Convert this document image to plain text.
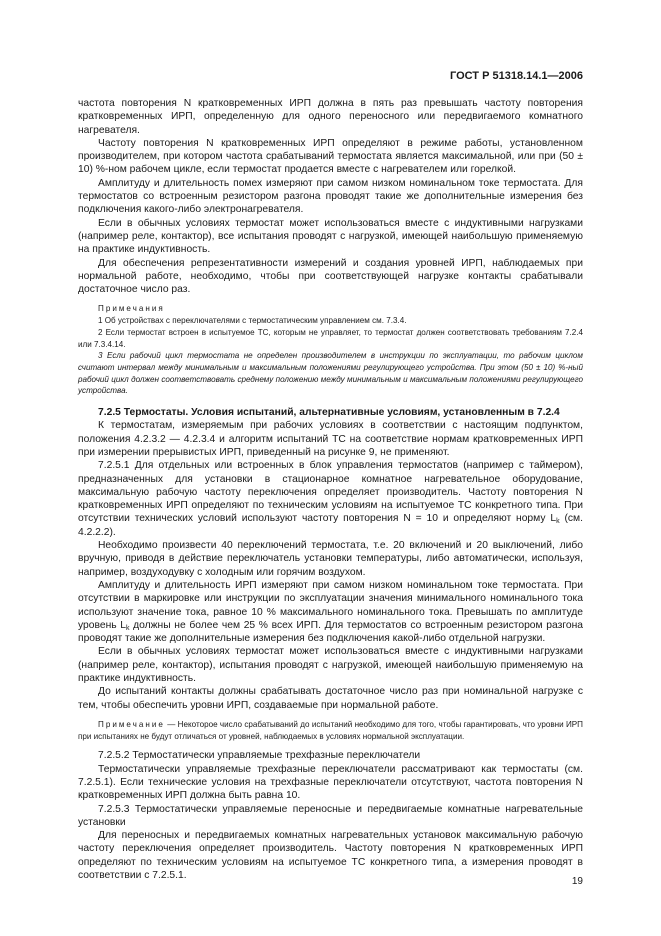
ГОСТ Р 51318.14.1—2006

частота повторения N кратковременных ИРП должна в пять раз превышать частоту повторения кратковременных ИРП, определенную для одного переносного или передвигаемого комнатного нагревателя.

Частоту повторения N кратковременных ИРП определяют в режиме работы, установленном производителем, при котором частота срабатываний термостата является максимальной, или при (50 ± 10) %-ном рабочем цикле, если термостат продается вместе с нагревателем или горелкой.

Амплитуду и длительность помех измеряют при самом низком номинальном токе термостата. Для термостатов со встроенным резистором разгона проводят такие же дополнительные измерения без подключения какого-либо электронагревателя.

Если в обычных условиях термостат может использоваться вместе с индуктивными нагрузками (например реле, контактор), все испытания проводят с нагрузкой, имеющей наибольшую применяемую на практике индуктивность.

Для обеспечения репрезентативности измерений и создания уровней ИРП, наблюдаемых при нормальной работе, необходимо, чтобы при соответствующей нагрузке контакты срабатывали достаточное число раз.

Примечания

1 Об устройствах с переключателями с термостатическим управлением см. 7.3.4.

2 Если термостат встроен в испытуемое ТС, которым не управляет, то термостат должен соответствовать требованиям 7.2.4 или 7.3.4.14.

3 Если рабочий цикл термостата не определен производителем в инструкции по эксплуатации, то рабочим циклом считают интервал между минимальным и максимальным положениями регулирующего устройства. При этом (50 ± 10) %-ный рабочий цикл должен соответствовать среднему положению между минимальным и максимальным положениями регулирующего устройства.

7.2.5 Термостаты. Условия испытаний, альтернативные условиям, установленным в 7.2.4

К термостатам, измеряемым при рабочих условиях в соответствии с настоящим подпунктом, положения 4.2.3.2 — 4.2.3.4 и алгоритм испытаний ТС на соответствие нормам кратковременных ИРП при измерении прерывистых ИРП, приведенный на рисунке 9, не применяют.

7.2.5.1 Для отдельных или встроенных в блок управления термостатов (например с таймером), предназначенных для установки в стационарное комнатное нагревательное оборудование, максимальную рабочую частоту переключения определяет производитель. Частоту повторения N кратковременных ИРП определяют по техническим условиям на испытуемое ТС конкретного типа. При отсутствии технических условий используют частоту повторения N = 10 и определяют норму $L_k$ (см. 4.2.2.2).

Необходимо произвести 40 переключений термостата, т.е. 20 включений и 20 выключений, либо вручную, приводя в действие переключатель установки температуры, либо автоматически, используя, например, воздуходувку с холодным или горячим воздухом.

Амплитуду и длительность ИРП измеряют при самом низком номинальном токе термостата. При отсутствии в маркировке или инструкции по эксплуатации значения минимального номинального тока используют значение тока, равное 10 % максимального номинального тока. Превышать по амплитуде уровень $L_k$ должны не более чем 25 % всех ИРП. Для термостатов со встроенным резистором разгона проводят такие же дополнительные измерения без подключения какой-либо отдельной нагрузки.

Если в обычных условиях термостат может использоваться вместе с индуктивными нагрузками (например реле, контактор), испытания проводят с нагрузкой, имеющей наибольшую применяемую на практике индуктивность.

До испытаний контакты должны срабатывать достаточное число раз при номинальной нагрузке с тем, чтобы обеспечить уровни ИРП, создаваемые при нормальной работе.

Примечание — Некоторое число срабатываний до испытаний необходимо для того, чтобы гарантировать, что уровни ИРП при испытаниях не будут отличаться от уровней, наблюдаемых в условиях нормальной эксплуатации.

7.2.5.2 Термостатически управляемые трехфазные переключатели

Термостатически управляемые трехфазные переключатели рассматривают как термостаты (см. 7.2.5.1). Если технические условия на трехфазные переключатели отсутствуют, частота повторения N кратковременных ИРП должна быть равна 10.

7.2.5.3 Термостатически управляемые переносные и передвигаемые комнатные нагревательные установки

Для переносных и передвигаемых комнатных нагревательных установок максимальную рабочую частоту переключения определяет производитель. Частоту повторения N кратковременных ИРП определяют по техническим условиям на испытуемое ТС конкретного типа, а измерения проводят в соответствии с 7.2.5.1.

19
